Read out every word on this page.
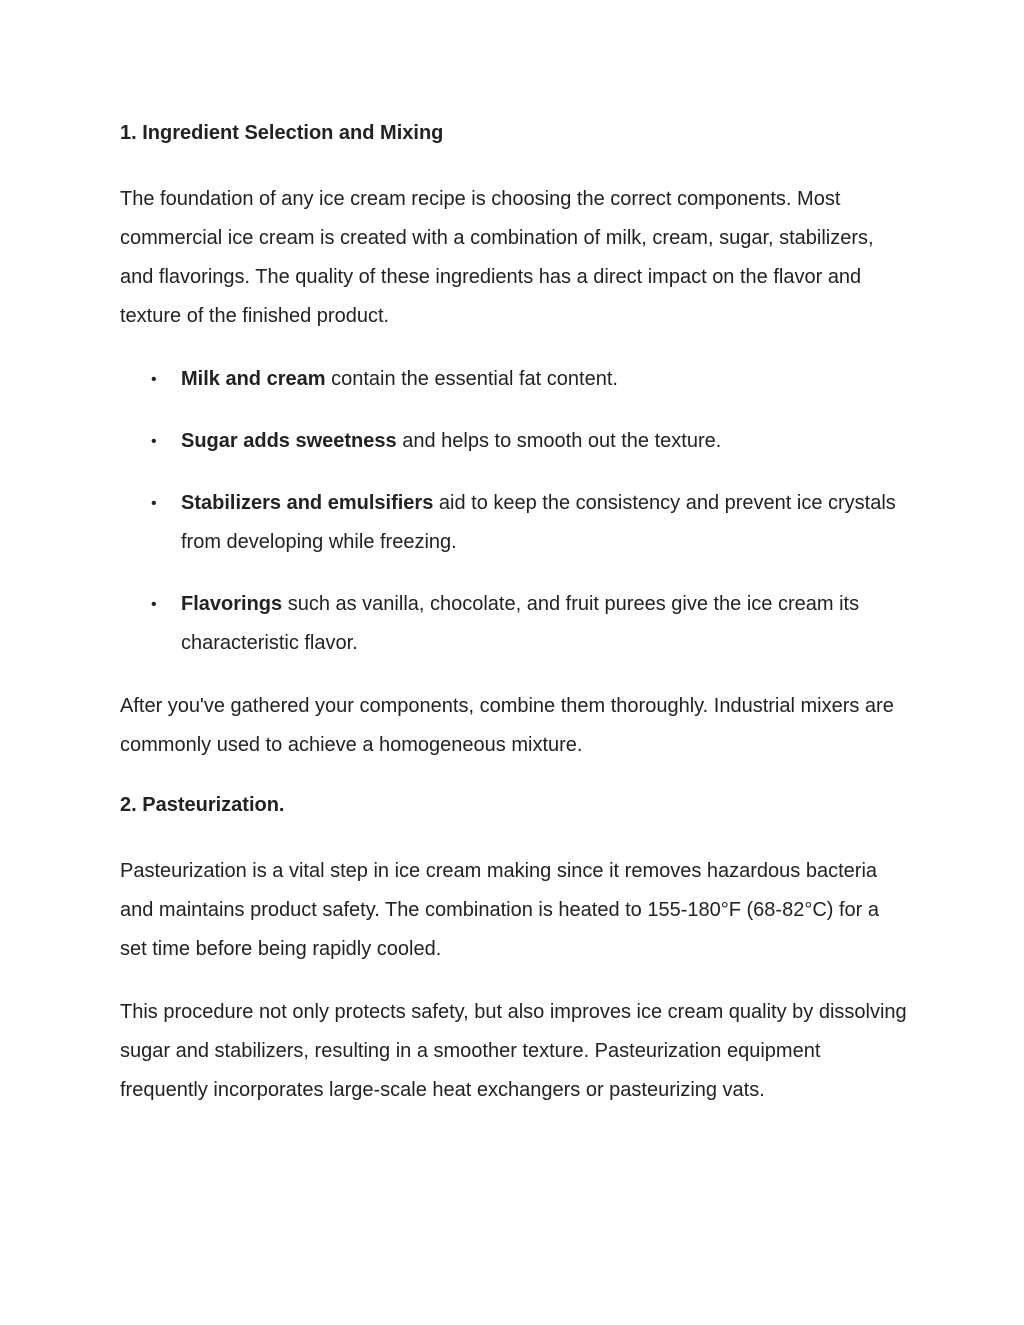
1. Ingredient Selection and Mixing

The foundation of any ice cream recipe is choosing the correct components. Most commercial ice cream is created with a combination of milk, cream, sugar, stabilizers, and flavorings. The quality of these ingredients has a direct impact on the flavor and texture of the finished product.

• Milk and cream contain the essential fat content.
• Sugar adds sweetness and helps to smooth out the texture.
• Stabilizers and emulsifiers aid to keep the consistency and prevent ice crystals from developing while freezing.
• Flavorings such as vanilla, chocolate, and fruit purees give the ice cream its characteristic flavor.

After you've gathered your components, combine them thoroughly. Industrial mixers are commonly used to achieve a homogeneous mixture.

2. Pasteurization.

Pasteurization is a vital step in ice cream making since it removes hazardous bacteria and maintains product safety. The combination is heated to 155-180°F (68-82°C) for a set time before being rapidly cooled.

This procedure not only protects safety, but also improves ice cream quality by dissolving sugar and stabilizers, resulting in a smoother texture. Pasteurization equipment frequently incorporates large-scale heat exchangers or pasteurizing vats.
